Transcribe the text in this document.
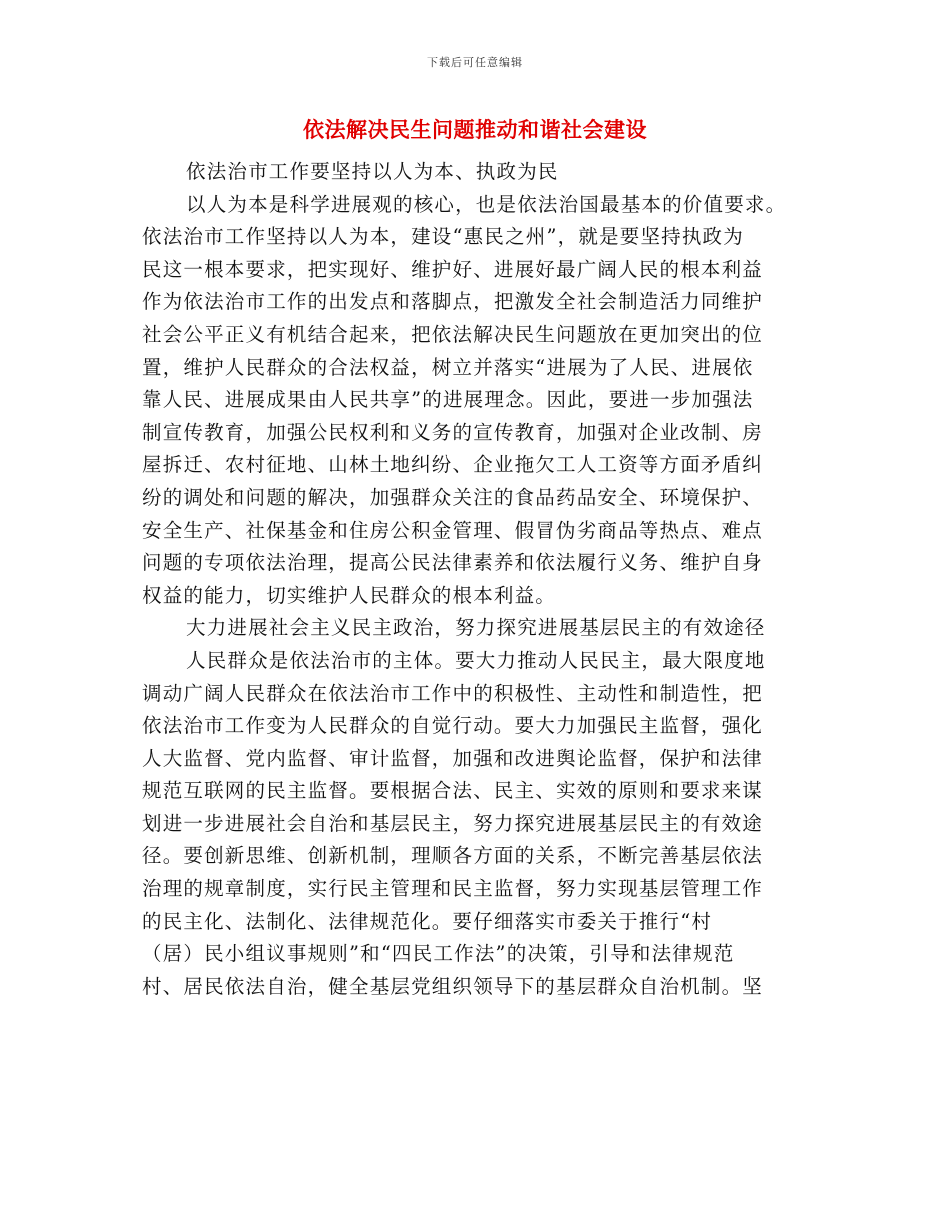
下载后可任意编辑
依法解决民生问题推动和谐社会建设
依法治市工作要坚持以人为本、执政为民
以人为本是科学进展观的核心，也是依法治国最基本的价值要求。
依法治市工作坚持以人为本，建设“惠民之州”，就是要坚持执政为
民这一根本要求，把实现好、维护好、进展好最广阔人民的根本利益
作为依法治市工作的出发点和落脚点，把激发全社会制造活力同维护
社会公平正义有机结合起来，把依法解决民生问题放在更加突出的位
置，维护人民群众的合法权益，树立并落实“进展为了人民、进展依
靠人民、进展成果由人民共享”的进展理念。因此，要进一步加强法
制宣传教育，加强公民权利和义务的宣传教育，加强对企业改制、房
屋拆迁、农村征地、山林土地纠纷、企业拖欠工人工资等方面矛盾纠
纷的调处和问题的解决，加强群众关注的食品药品安全、环境保护、
安全生产、社保基金和住房公积金管理、假冒伪劣商品等热点、难点
问题的专项依法治理，提高公民法律素养和依法履行义务、维护自身
权益的能力，切实维护人民群众的根本利益。
大力进展社会主义民主政治，努力探究进展基层民主的有效途径
人民群众是依法治市的主体。要大力推动人民民主，最大限度地
调动广阔人民群众在依法治市工作中的积极性、主动性和制造性，把
依法治市工作变为人民群众的自觉行动。要大力加强民主监督，强化
人大监督、党内监督、审计监督，加强和改进舆论监督，保护和法律
规范互联网的民主监督。要根据合法、民主、实效的原则和要求来谋
划进一步进展社会自治和基层民主，努力探究进展基层民主的有效途
径。要创新思维、创新机制，理顺各方面的关系，不断完善基层依法
治理的规章制度，实行民主管理和民主监督，努力实现基层管理工作
的民主化、法制化、法律规范化。要仔细落实市委关于推行“村
（居）民小组议事规则”和“四民工作法”的决策，引导和法律规范
村、居民依法自治，健全基层党组织领导下的基层群众自治机制。坚
